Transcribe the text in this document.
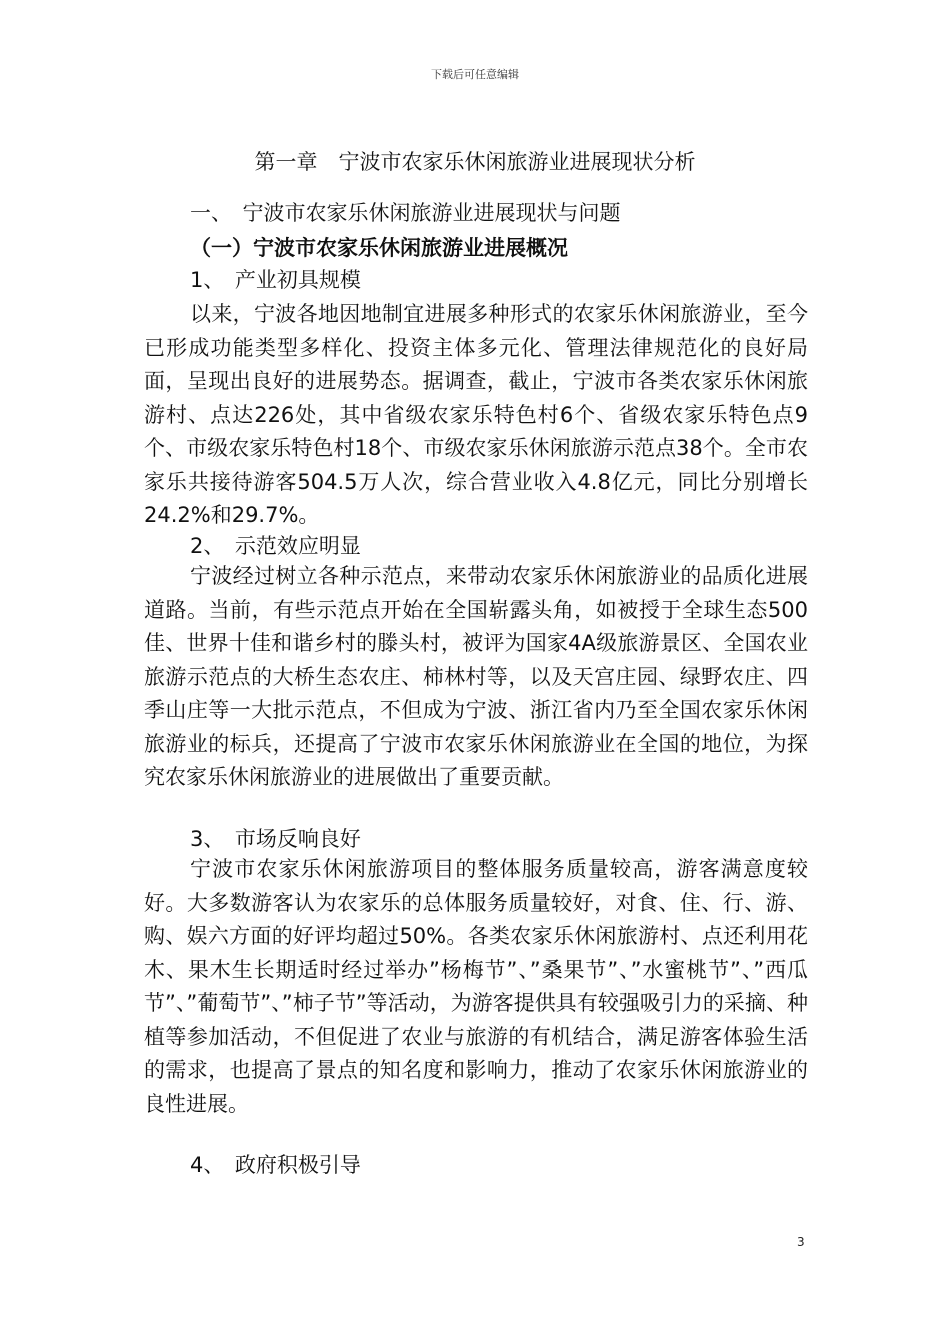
下载后可任意编辑
第一章　宁波市农家乐休闲旅游业进展现状分析
一、　宁波市农家乐休闲旅游业进展现状与问题
（一）宁波市农家乐休闲旅游业进展概况
1、　产业初具规模

以来，宁波各地因地制宜进展多种形式的农家乐休闲旅游业，至今已形成功能类型多样化、投资主体多元化、管理法律规范化的良好局面，呈现出良好的进展势态。据调查，截止，宁波市各类农家乐休闲旅游村、点达226处，其中省级农家乐特色村6个、省级农家乐特色点9个、市级农家乐特色村18个、市级农家乐休闲旅游示范点38个。全市农家乐共接待游客504.5万人次，综合营业收入4.8亿元，同比分别增长24.2%和29.7%。

2、　示范效应明显

宁波经过树立各种示范点，来带动农家乐休闲旅游业的品质化进展道路。当前，有些示范点开始在全国崭露头角，如被授于全球生态500佳、世界十佳和谐乡村的滕头村，被评为国家4A级旅游景区、全国农业旅游示范点的大桥生态农庄、柿林村等，以及天宫庄园、绿野农庄、四季山庄等一大批示范点，不但成为宁波、浙江省内乃至全国农家乐休闲旅游业的标兵，还提高了宁波市农家乐休闲旅游业在全国的地位，为探究农家乐休闲旅游业的进展做出了重要贡献。

3、　市场反响良好

宁波市农家乐休闲旅游项目的整体服务质量较高，游客满意度较好。大多数游客认为农家乐的总体服务质量较好，对食、住、行、游、购、娱六方面的好评均超过50%。各类农家乐休闲旅游村、点还利用花木、果木生长期适时经过举办”杨梅节”、”桑果节”、”水蜜桃节”、”西瓜节”、”葡萄节”、”柿子节”等活动，为游客提供具有较强吸引力的采摘、种植等参加活动，不但促进了农业与旅游的有机结合，满足游客体验生活的需求，也提高了景点的知名度和影响力，推动了农家乐休闲旅游业的良性进展。

4、　政府积极引导
3
